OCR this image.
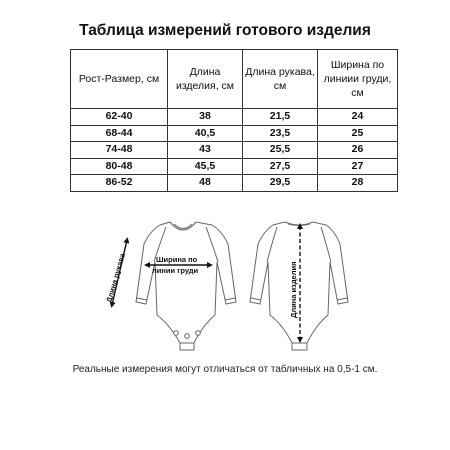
Таблица измерений готового изделия
Рост-Размер, см	Длина изделия, см	Длина рукава, см	Ширина по линиии груди, см
62-40	38	21,5	24
68-44	40,5	23,5	25
74-48	43	25,5	26
80-48	45,5	27,5	27
86-52	48	29,5	28
Длина рукава	Ширина по
линии груди	Длина изделия
Реальные измерения могут отличаться от табличных на 0,5-1 см.
